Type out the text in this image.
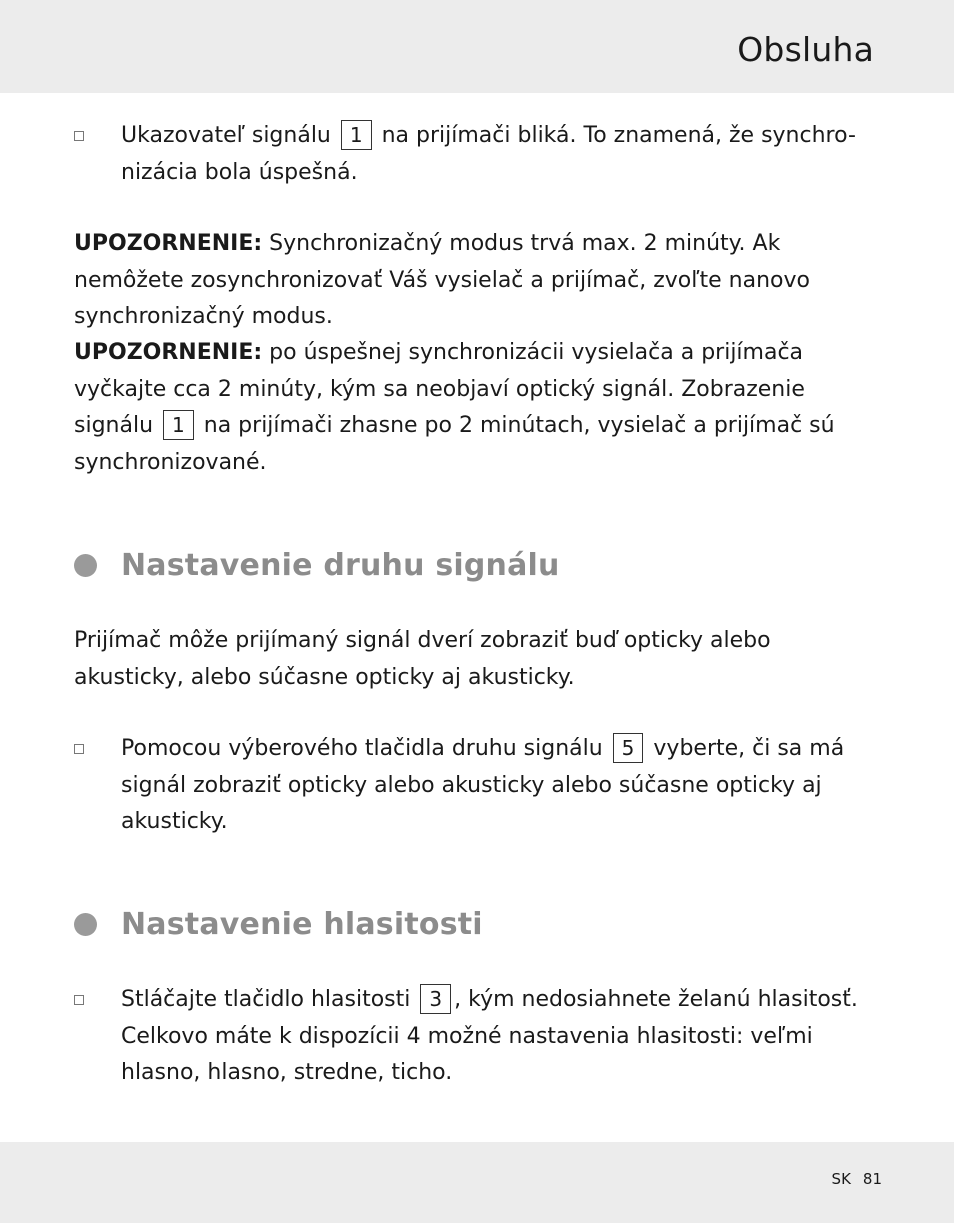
Obsluha
Ukazovateľ signálu 1 na prijímači bliká. To znamená, že synchro-nizácia bola úspešná.
UPOZORNENIE: Synchronizačný modus trvá max. 2 minúty. Ak nemôžete zosynchronizovať Váš vysielač a prijímač, zvoľte nanovo synchronizačný modus.
UPOZORNENIE: po úspešnej synchronizácii vysielača a prijímača vyčkajte cca 2 minúty, kým sa neobjaví optický signál. Zobrazenie signálu 1 na prijímači zhasne po 2 minútach, vysielač a prijímač sú synchronizované.
Nastavenie druhu signálu
Prijímač môže prijímaný signál dverí zobraziť buď opticky alebo akusticky, alebo súčasne opticky aj akusticky.
Pomocou výberového tlačidla druhu signálu 5 vyberte, či sa má signál zobraziť opticky alebo akusticky alebo súčasne opticky aj akusticky.
Nastavenie hlasitosti
Stláčajte tlačidlo hlasitosti 3 , kým nedosiahnete želanú hlasitosť. Celkovo máte k dispozícii 4 možné nastavenia hlasitosti: veľmi hlasno, hlasno, stredne, ticho.
SK 81
